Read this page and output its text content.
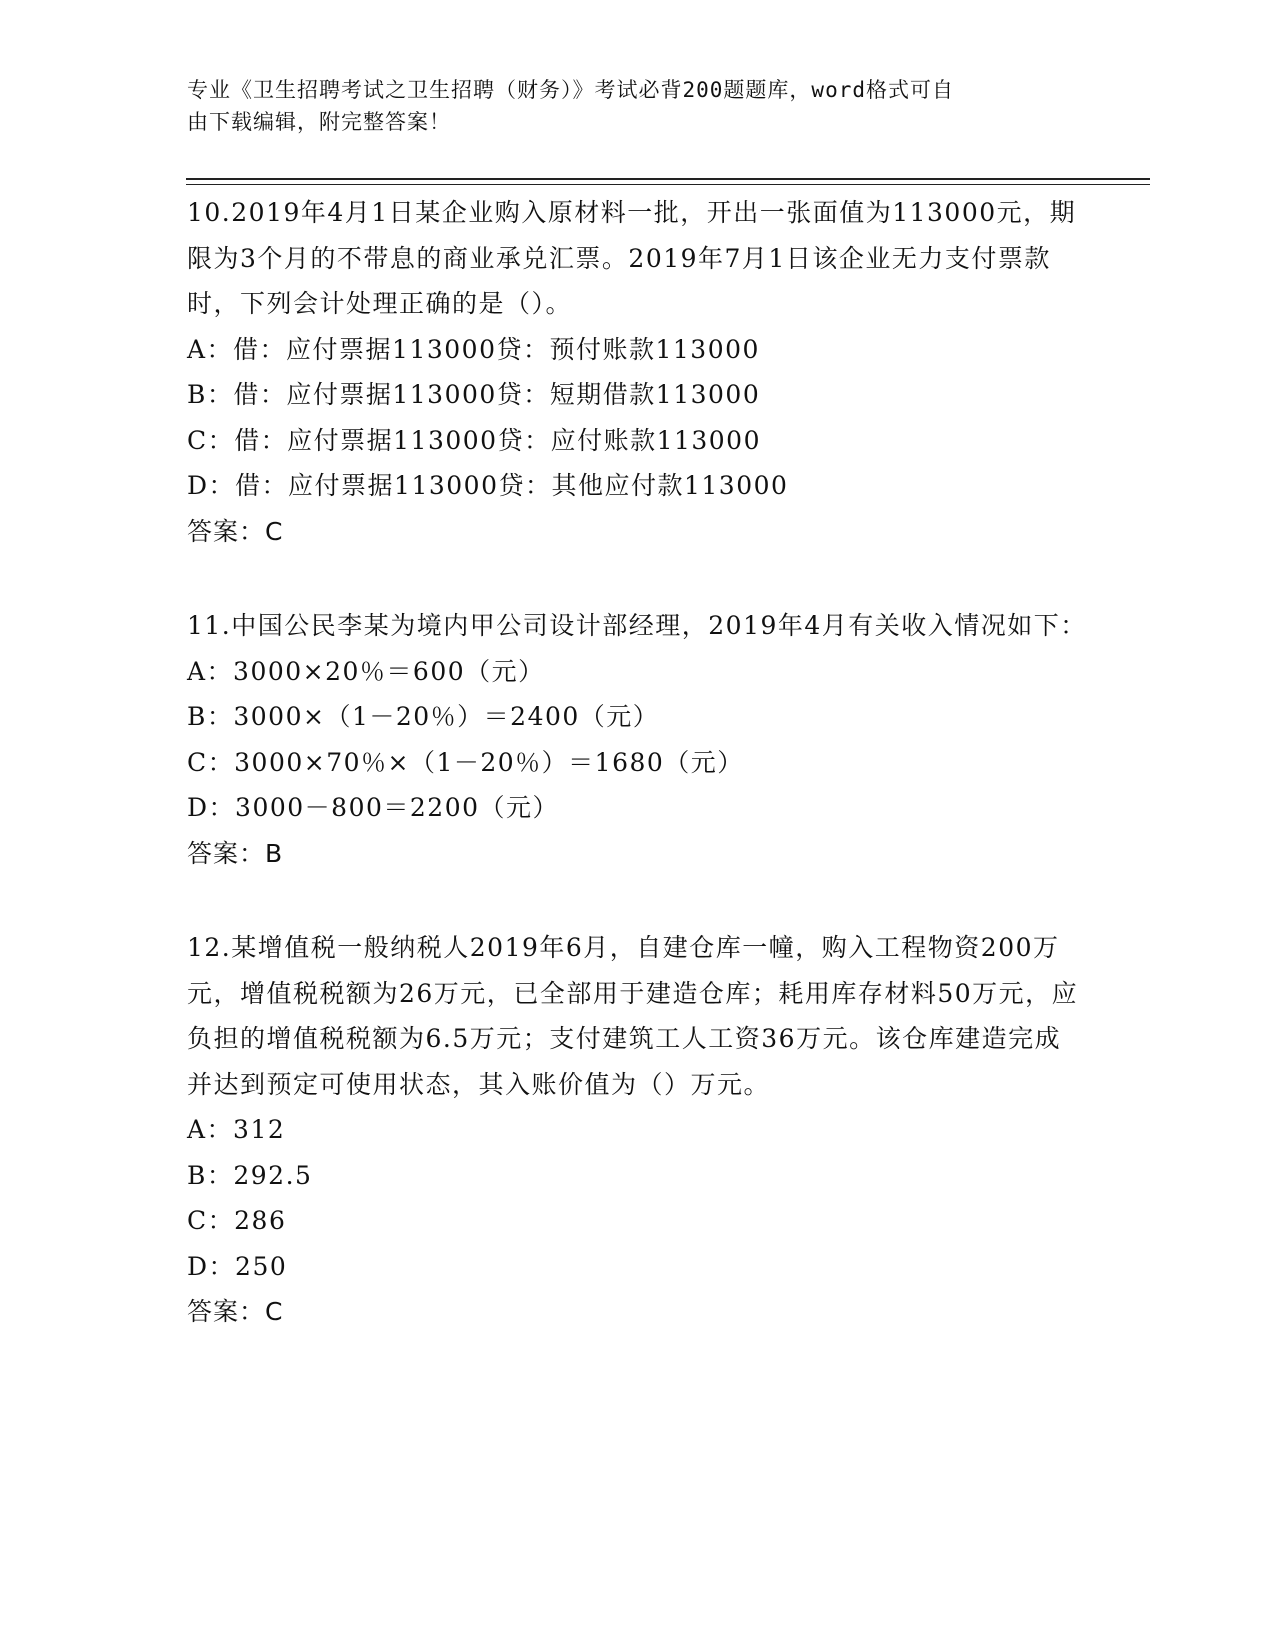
专业《卫生招聘考试之卫生招聘（财务）》考试必背200题题库，word格式可自
由下载编辑，附完整答案！

10.2019年4月1日某企业购入原材料一批，开出一张面值为113000元，期限为3个月的不带息的商业承兑汇票。2019年7月1日该企业无力支付票款时，下列会计处理正确的是（）。

A：借：应付票据113000贷：预付账款113000

B：借：应付票据113000贷：短期借款113000

C：借：应付票据113000贷：应付账款113000

D：借：应付票据113000贷：其他应付款113000

答案：C

11.中国公民李某为境内甲公司设计部经理，2019年4月有关收入情况如下：

A：3000×20％＝600（元）

B：3000×（1－20％）＝2400（元）

C：3000×70％×（1－20％）＝1680（元）

D：3000－800＝2200（元）

答案：B

12.某增值税一般纳税人2019年6月，自建仓库一幢，购入工程物资200万元，增值税税额为26万元，已全部用于建造仓库；耗用库存材料50万元，应负担的增值税税额为6.5万元；支付建筑工人工资36万元。该仓库建造完成并达到预定可使用状态，其入账价值为（）万元。

A：312

B：292.5

C：286

D：250

答案：C
